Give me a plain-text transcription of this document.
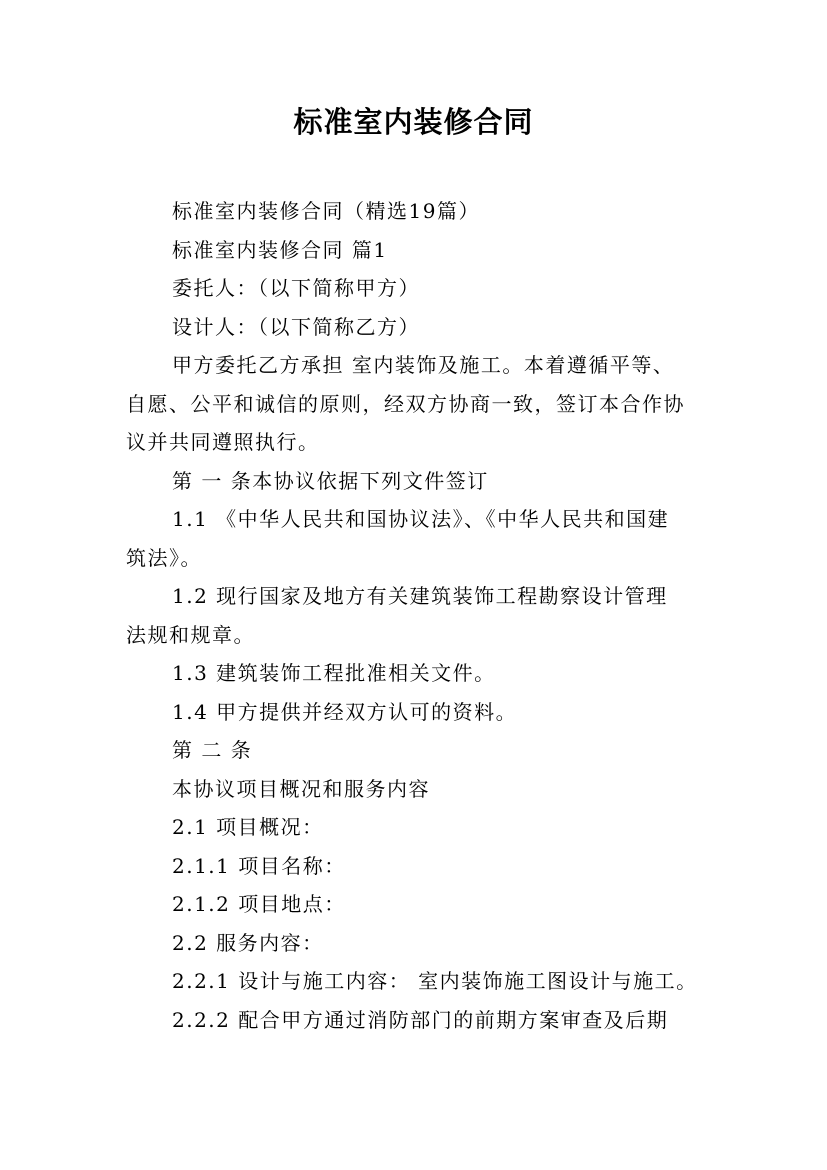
标准室内装修合同
标准室内装修合同（精选19篇）
标准室内装修合同 篇1
委托人：（以下简称甲方）
设计人：（以下简称乙方）
甲方委托乙方承担 室内装饰及施工。本着遵循平等、
自愿、公平和诚信的原则，经双方协商一致，签订本合作协
议并共同遵照执行。
第 一 条本协议依据下列文件签订
1.1 《中华人民共和国协议法》、《中华人民共和国建
筑法》。
1.2 现行国家及地方有关建筑装饰工程勘察设计管理
法规和规章。
1.3 建筑装饰工程批准相关文件。
1.4 甲方提供并经双方认可的资料。
第 二 条
本协议项目概况和服务内容
2.1 项目概况：
2.1.1 项目名称：
2.1.2 项目地点：
2.2 服务内容：
2.2.1 设计与施工内容： 室内装饰施工图设计与施工。
2.2.2 配合甲方通过消防部门的前期方案审查及后期
